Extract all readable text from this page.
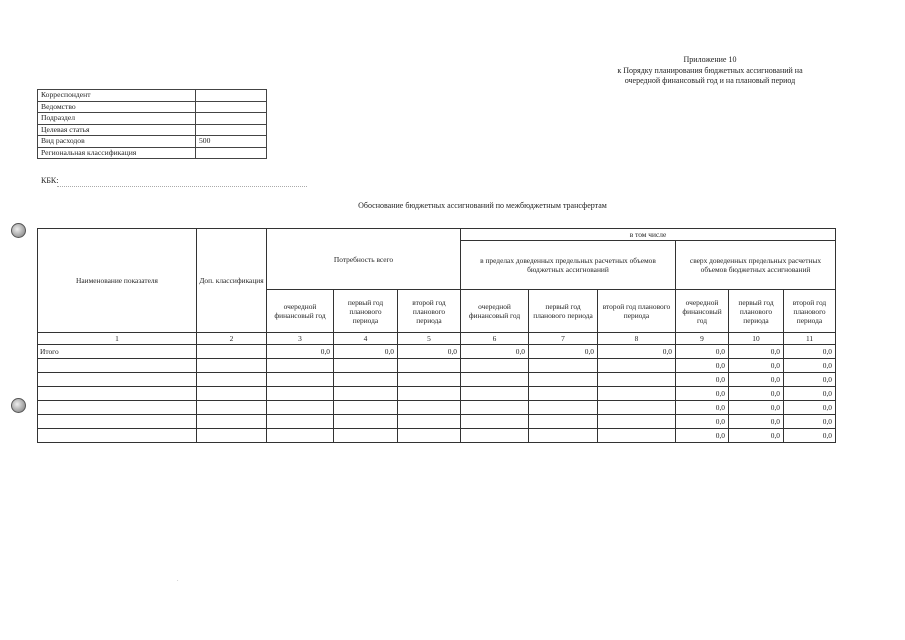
Приложение 10
к Порядку планирования бюджетных ассигнований на
очередной финансовый год и на плановый период
Корреспондент	
Ведомство	
Подраздел	
Целевая статья	
Вид расходов	500
Региональная классификация	
КБК:
Обоснование бюджетных ассигнований по межбюджетным трансфертам
Наименование показателя	Доп. классификация	Потребность всего			в том числе					
					в пределах доведенных предельных расчетных объемов бюджетных ассигнований			сверх доведенных предельных расчетных объемов бюджетных ассигнований		
		очередной финансовый год	первый год планового периода	второй год планового периода	очередной финансовый год	первый год планового периода	второй год планового периода	очередной финансовый год	первый год планового периода	второй год планового периода
1	2	3	4	5	6	7	8	9	10	11
Итого		0,0	0,0	0,0	0,0	0,0	0,0	0,0	0,0	0,0
								0,0	0,0	0,0
								0,0	0,0	0,0
								0,0	0,0	0,0
								0,0	0,0	0,0
								0,0	0,0	0,0
								0,0	0,0	0,0
.
